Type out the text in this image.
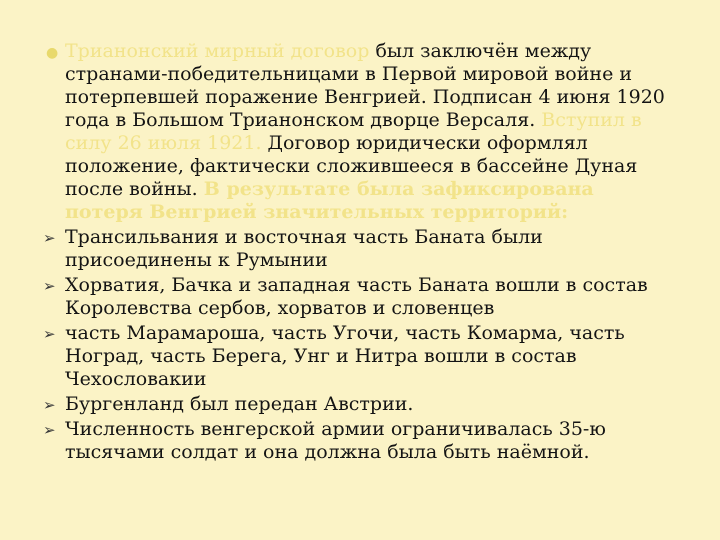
● Трианонский мирный договор был заключён между странами-победительницами в Первой мировой войне и потерпевшей поражение Венгрией. Подписан 4 июня 1920 года в Большом Трианонском дворце Версаля. Вступил в силу 26 июля 1921. Договор юридически оформлял положение, фактически сложившееся в бассейне Дуная после войны. В результате была зафиксирована потеря Венгрией значительных территорий:
➢ Трансильвания и восточная часть Баната были присоединены к Румынии
➢ Хорватия, Бачка и западная часть Баната вошли в состав Королевства сербов, хорватов и словенцев
➢ часть Марамароша, часть Угочи, часть Комарма, часть Ноград, часть Берега, Унг и Нитра вошли в состав Чехословакии
➢ Бургенланд был передан Австрии.
➢ Численность венгерской армии ограничивалась 35-ю тысячами солдат и она должна была быть наёмной.
